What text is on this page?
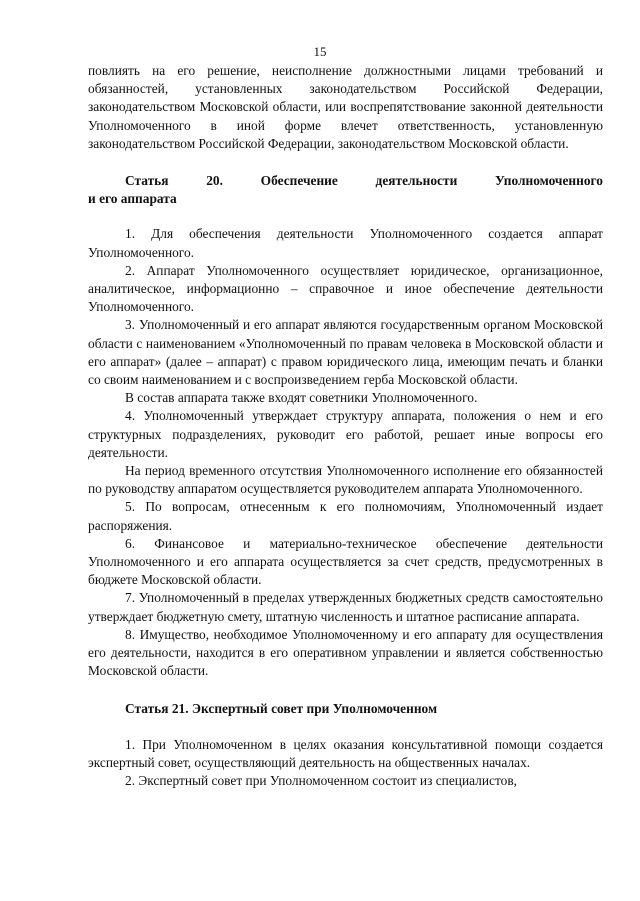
15

повлиять на его решение, неисполнение должностными лицами требований и обязанностей, установленных законодательством Российской Федерации, законодательством Московской области, или воспрепятствование законной деятельности Уполномоченного в иной форме влечет ответственность, установленную законодательством Российской Федерации, законодательством Московской области.

Статья 20. Обеспечение деятельности Уполномоченного и его аппарата

1. Для обеспечения деятельности Уполномоченного создается аппарат Уполномоченного.

2. Аппарат Уполномоченного осуществляет юридическое, организационное, аналитическое, информационно – справочное и иное обеспечение деятельности Уполномоченного.

3. Уполномоченный и его аппарат являются государственным органом Московской области с наименованием «Уполномоченный по правам человека в Московской области и его аппарат» (далее – аппарат) с правом юридического лица, имеющим печать и бланки со своим наименованием и с воспроизведением герба Московской области.

В состав аппарата также входят советники Уполномоченного.

4. Уполномоченный утверждает структуру аппарата, положения о нем и его структурных подразделениях, руководит его работой, решает иные вопросы его деятельности.

На период временного отсутствия Уполномоченного исполнение его обязанностей по руководству аппаратом осуществляется руководителем аппарата Уполномоченного.

5. По вопросам, отнесенным к его полномочиям, Уполномоченный издает распоряжения.

6. Финансовое и материально-техническое обеспечение деятельности Уполномоченного и его аппарата осуществляется за счет средств, предусмотренных в бюджете Московской области.

7. Уполномоченный в пределах утвержденных бюджетных средств самостоятельно утверждает бюджетную смету, штатную численность и штатное расписание аппарата.

8. Имущество, необходимое Уполномоченному и его аппарату для осуществления его деятельности, находится в его оперативном управлении и является собственностью Московской области.

Статья 21. Экспертный совет при Уполномоченном

1. При Уполномоченном в целях оказания консультативной помощи создается экспертный совет, осуществляющий деятельность на общественных началах.

2. Экспертный совет при Уполномоченном состоит из специалистов,
